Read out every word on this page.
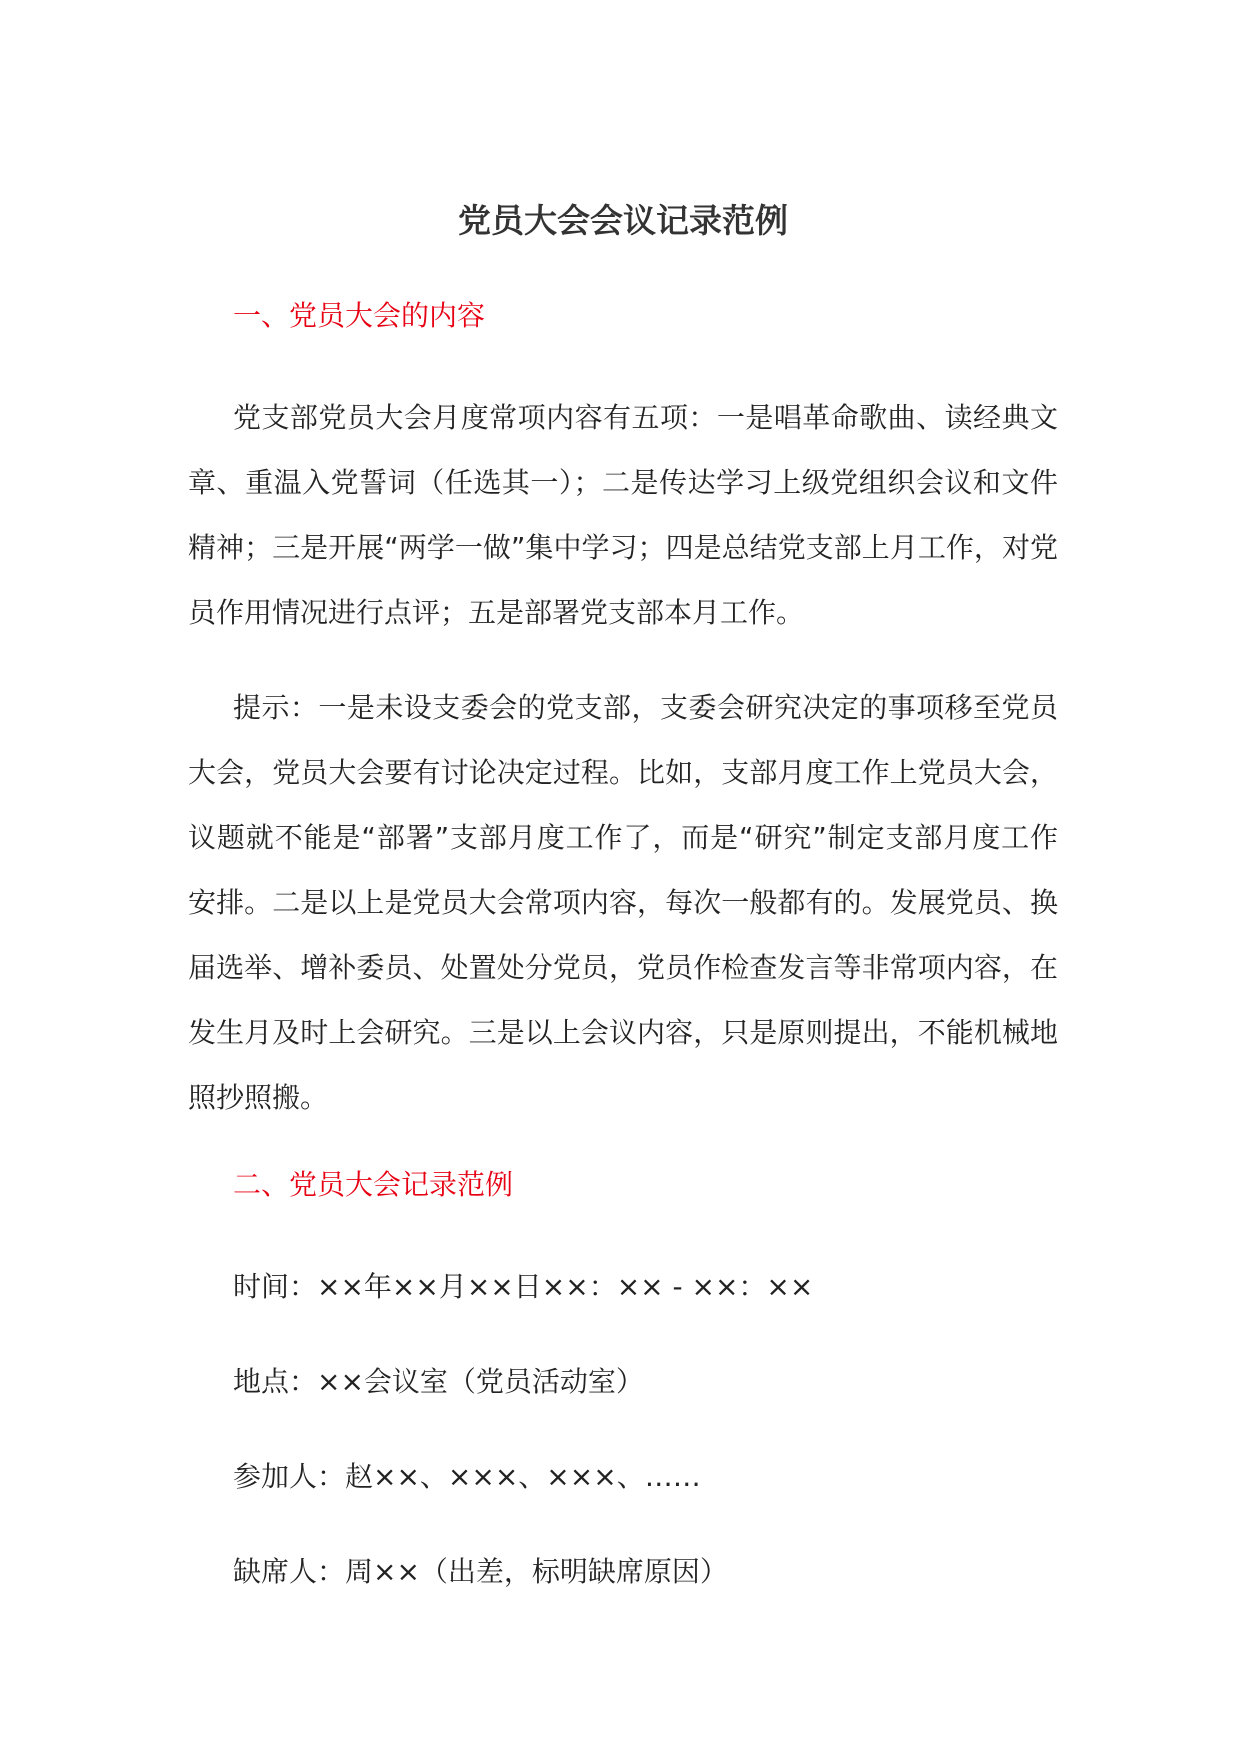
党员大会会议记录范例
一、党员大会的内容

党支部党员大会月度常项内容有五项：一是唱革命歌曲、读经典文章、重温入党誓词（任选其一）；二是传达学习上级党组织会议和文件精神；三是开展“两学一做”集中学习；四是总结党支部上月工作，对党员作用情况进行点评；五是部署党支部本月工作。

提示：一是未设支委会的党支部，支委会研究决定的事项移至党员大会，党员大会要有讨论决定过程。比如，支部月度工作上党员大会，议题就不能是“部署”支部月度工作了，而是“研究”制定支部月度工作安排。二是以上是党员大会常项内容，每次一般都有的。发展党员、换届选举、增补委员、处置处分党员，党员作检查发言等非常项内容，在发生月及时上会研究。三是以上会议内容，只是原则提出，不能机械地照抄照搬。

二、党员大会记录范例
时间：××年××月××日××：×× - ××：××
地点：××会议室（党员活动室）
参加人：赵××、×××、×××、……
缺席人：周××（出差，标明缺席原因）
